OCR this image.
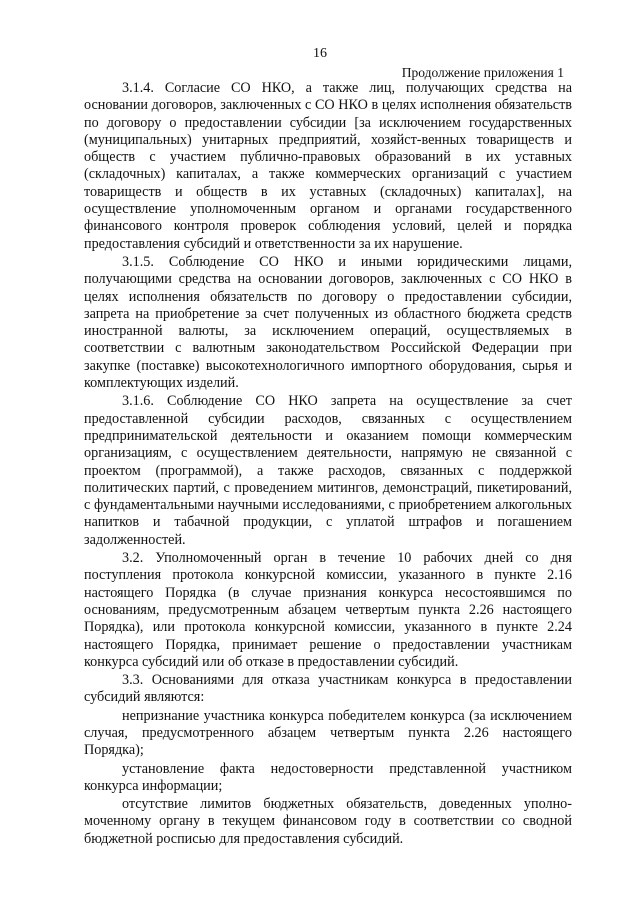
16
Продолжение приложения 1

3.1.4. Согласие СО НКО, а также лиц, получающих средства на основании договоров, заключенных с СО НКО в целях исполнения обязательств по договору о предоставлении субсидии [за исключением государственных (муниципальных) унитарных предприятий, хозяйст-венных товариществ и обществ с участием публично-правовых образований в их уставных (складочных) капиталах, а также коммерческих организаций с участием товариществ и обществ в их уставных (складочных) капиталах], на осуществление уполномоченным органом и органами государственного финансового контроля проверок соблюдения условий, целей и порядка предоставления субсидий и ответственности за их нарушение.

3.1.5. Соблюдение СО НКО и иными юридическими лицами, получающими средства на основании договоров, заключенных с СО НКО в целях исполнения обязательств по договору о предоставлении субсидии, запрета на приобретение за счет полученных из областного бюджета средств иностранной валюты, за исключением операций, осуществляемых в соответствии с валютным законодательством Российской Федерации при закупке (поставке) высокотехнологичного импортного оборудования, сырья и комплектующих изделий.

3.1.6. Соблюдение СО НКО запрета на осуществление за счет предоставленной субсидии расходов, связанных с осуществлением предпринимательской деятельности и оказанием помощи коммерческим организациям, с осуществлением деятельности, напрямую не связанной с проектом (программой), а также расходов, связанных с поддержкой политических партий, с проведением митингов, демонстраций, пикетирований, с фундаментальными научными исследованиями, с приобретением алкогольных напитков и табачной продукции, с уплатой штрафов и погашением задолженностей.

3.2. Уполномоченный орган в течение 10 рабочих дней со дня поступления протокола конкурсной комиссии, указанного в пункте 2.16 настоящего Порядка (в случае признания конкурса несостоявшимся по основаниям, предусмотренным абзацем четвертым пункта 2.26 настоящего Порядка), или протокола конкурсной комиссии, указанного в пункте 2.24 настоящего Порядка, принимает решение о предоставлении участникам конкурса субсидий или об отказе в предоставлении субсидий.

3.3. Основаниями для отказа участникам конкурса в предоставлении субсидий являются:

непризнание участника конкурса победителем конкурса (за исключением случая, предусмотренного абзацем четвертым пункта 2.26 настоящего Порядка);

установление факта недостоверности представленной участником конкурса информации;

отсутствие лимитов бюджетных обязательств, доведенных уполно-моченному органу в текущем финансовом году в соответствии со сводной бюджетной росписью для предоставления субсидий.
